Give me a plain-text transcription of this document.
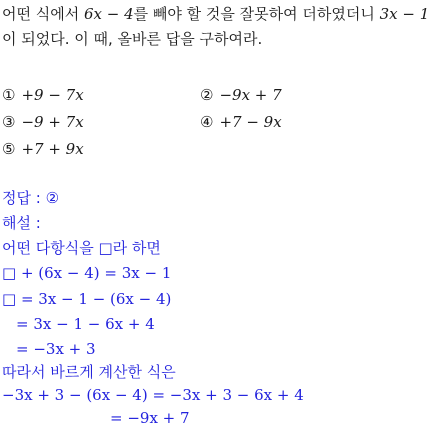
어떤 식에서 6x − 4를 빼야 할 것을 잘못하여 더하였더니 3x − 1
이 되었다. 이 때, 올바른 답을 구하여라.
① +9 − 7x	② −9x + 7
③ −9 + 7x	④ +7 − 9x
⑤ +7 + 9x
정답 : ②
해설 :
어떤 다항식을 □라 하면
□ + (6x − 4) = 3x − 1
□ = 3x − 1 − (6x − 4)
= 3x − 1 − 6x + 4
= −3x + 3
따라서 바르게 계산한 식은
−3x + 3 − (6x − 4) = −3x + 3 − 6x + 4
= −9x + 7
